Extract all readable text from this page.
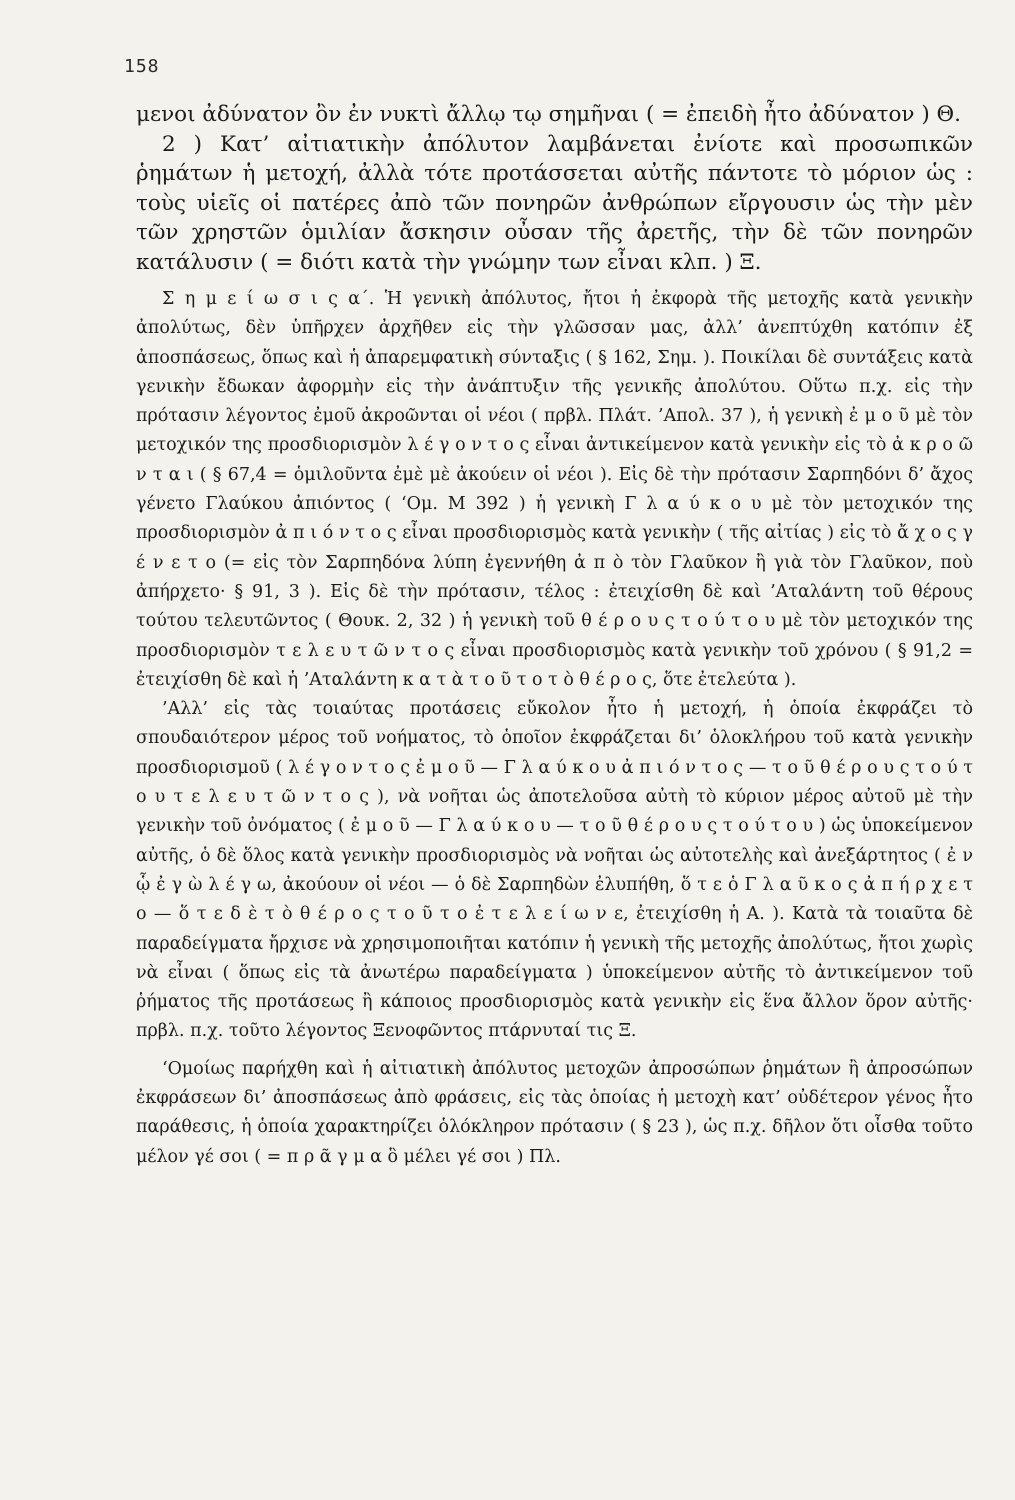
158

μενοι ἀδύνατον ὂν ἐν νυκτὶ ἄλλῳ τῳ σημῆναι ( = ἐπειδὴ ἦτο ἀδύνατον ) Θ.

2 ) Κατ’ αἰτιατικὴν ἀπόλυτον λαμβάνεται ἐνίοτε καὶ προσωπικῶν ῥημάτων ἡ μετοχή, ἀλλὰ τότε προτάσσεται αὐτῆς πάντοτε τὸ μόριον ὡς : τοὺς υἱεῖς οἱ πατέρες ἀπὸ τῶν πονηρῶν ἀνθρώπων εἴργουσιν ὡς τὴν μὲν τῶν χρηστῶν ὁμιλίαν ἄσκησιν οὖσαν τῆς ἀρετῆς, τὴν δὲ τῶν πονηρῶν κατάλυσιν ( = διότι κατὰ τὴν γνώμην των εἶναι κλπ. ) Ξ.

Σ η μ ε ί ω σ ι ς α΄. Ἡ γενικὴ ἀπόλυτος, ἤτοι ἡ ἐκφορὰ τῆς μετοχῆς κατὰ γενικὴν ἀπολύτως, δὲν ὑπῆρχεν ἀρχῆθεν εἰς τὴν γλῶσσαν μας, ἀλλ’ ἀνεπτύχθη κατόπιν ἐξ ἀποσπάσεως, ὅπως καὶ ἡ ἀπαρεμφατικὴ σύνταξις ( § 162, Σημ. ). Ποικίλαι δὲ συντάξεις κατὰ γενικὴν ἔδωκαν ἀφορμὴν εἰς τὴν ἀνάπτυξιν τῆς γενικῆς ἀπολύτου. Οὕτω π.χ. εἰς τὴν πρότασιν λέγοντος ἐμοῦ ἀκροῶνται οἱ νέοι ( πρβλ. Πλάτ. ’Απολ. 37 ), ἡ γενικὴ ἐ μ ο ῦ μὲ τὸν μετοχικόν της προσδιορισμὸν λ έ γ ο ν τ ο ς εἶναι ἀντικείμενον κατὰ γενικὴν εἰς τὸ ἀ κ ρ ο ῶ ν τ α ι ( § 67,4 = ὁμιλοῦντα ἐμὲ μὲ ἀκούειν οἱ νέοι ). Εἰς δὲ τὴν πρότασιν Σαρπηδόνι δ’ ἄχος γένετο Γλαύκου ἀπιόντος ( ‘Ομ. Μ 392 ) ἡ γενικὴ Γ λ α ύ κ ο υ μὲ τὸν μετοχικόν της προσδιορισμὸν ἀ π ι ό ν τ ο ς εἶναι προσδιορισμὸς κατὰ γενικὴν ( τῆς αἰτίας ) εἰς τὸ ἄ χ ο ς γ έ ν ε τ ο (= εἰς τὸν Σαρπηδόνα λύπη ἐγεννήθη ἀ π ὸ τὸν Γλαῦκον ἢ γιὰ τὸν Γλαῦκον, ποὺ ἀπήρχετο· § 91, 3 ). Εἰς δὲ τὴν πρότασιν, τέλος : ἐτειχίσθη δὲ καὶ ’Αταλάντη τοῦ θέρους τούτου τελευτῶντος ( Θουκ. 2, 32 ) ἡ γενικὴ τοῦ θ έ ρ ο υ ς τ ο ύ τ ο υ μὲ τὸν μετοχικόν της προσδιορισμὸν τ ε λ ε υ τ ῶ ν τ ο ς εἶναι προσδιορισμὸς κατὰ γενικὴν τοῦ χρόνου ( § 91,2 = ἐτειχίσθη δὲ καὶ ἡ ’Αταλάντη κ α τ ὰ τ ο ῦ τ ο τ ὸ θ έ ρ ο ς, ὅτε ἐτελεύτα ).

’Αλλ’ εἰς τὰς τοιαύτας προτάσεις εὔκολον ἦτο ἡ μετοχή, ἡ ὁποία ἐκφράζει τὸ σπουδαιότερον μέρος τοῦ νοήματος, τὸ ὁποῖον ἐκφράζεται δι’ ὁλοκλήρου τοῦ κατὰ γενικὴν προσδιορισμοῦ ( λ έ γ ο ν τ ο ς ἐ μ ο ῦ — Γ λ α ύ κ ο υ ἀ π ι ό ν τ ο ς — τ ο ῦ θ έ ρ ο υ ς τ ο ύ τ ο υ τ ε λ ε υ τ ῶ ν τ ο ς ), νὰ νοῆται ὡς ἀποτελοῦσα αὐτὴ τὸ κύριον μέρος αὐτοῦ μὲ τὴν γενικὴν τοῦ ὀνόματος ( ἐ μ ο ῦ — Γ λ α ύ κ ο υ — τ ο ῦ θ έ ρ ο υ ς τ ο ύ τ ο υ ) ὡς ὑποκείμενον αὐτῆς, ὁ δὲ ὅλος κατὰ γενικὴν προσδιορισμὸς νὰ νοῆται ὡς αὐτοτελὴς καὶ ἀνεξάρτητος ( ἐ ν ᾧ ἐ γ ὼ λ έ γ ω, ἀκούουν οἱ νέοι — ὁ δὲ Σαρπηδὼν ἐλυπήθη, ὅ τ ε ὁ Γ λ α ῦ κ ο ς ἀ π ή ρ χ ε τ ο — ὅ τ ε δ ὲ τ ὸ θ έ ρ ο ς τ ο ῦ τ ο ἐ τ ε λ ε ί ω ν ε, ἐτειχίσθη ἡ Α. ). Κατὰ τὰ τοιαῦτα δὲ παραδείγματα ἤρχισε νὰ χρησιμοποιῆται κατόπιν ἡ γενικὴ τῆς μετοχῆς ἀπολύτως, ἤτοι χωρὶς νὰ εἶναι ( ὅπως εἰς τὰ ἀνωτέρω παραδείγματα ) ὑποκείμενον αὐτῆς τὸ ἀντικείμενον τοῦ ῥήματος τῆς προτάσεως ἢ κάποιος προσδιορισμὸς κατὰ γενικὴν εἰς ἕνα ἄλλον ὅρον αὐτῆς· πρβλ. π.χ. τοῦτο λέγοντος Ξενοφῶντος πτάρνυταί τις Ξ.

‘Ομοίως παρήχθη καὶ ἡ αἰτιατικὴ ἀπόλυτος μετοχῶν ἀπροσώπων ῥημάτων ἢ ἀπροσώπων ἐκφράσεων δι’ ἀποσπάσεως ἀπὸ φράσεις, εἰς τὰς ὁποίας ἡ μετοχὴ κατ’ οὐδέτερον γένος ἦτο παράθεσις, ἡ ὁποία χαρακτηρίζει ὁλόκληρον πρότασιν ( § 23 ), ὡς π.χ. δῆλον ὅτι οἶσθα τοῦτο μέλον γέ σοι ( = π ρ ᾶ γ μ α ὃ μέλει γέ σοι ) Πλ.
